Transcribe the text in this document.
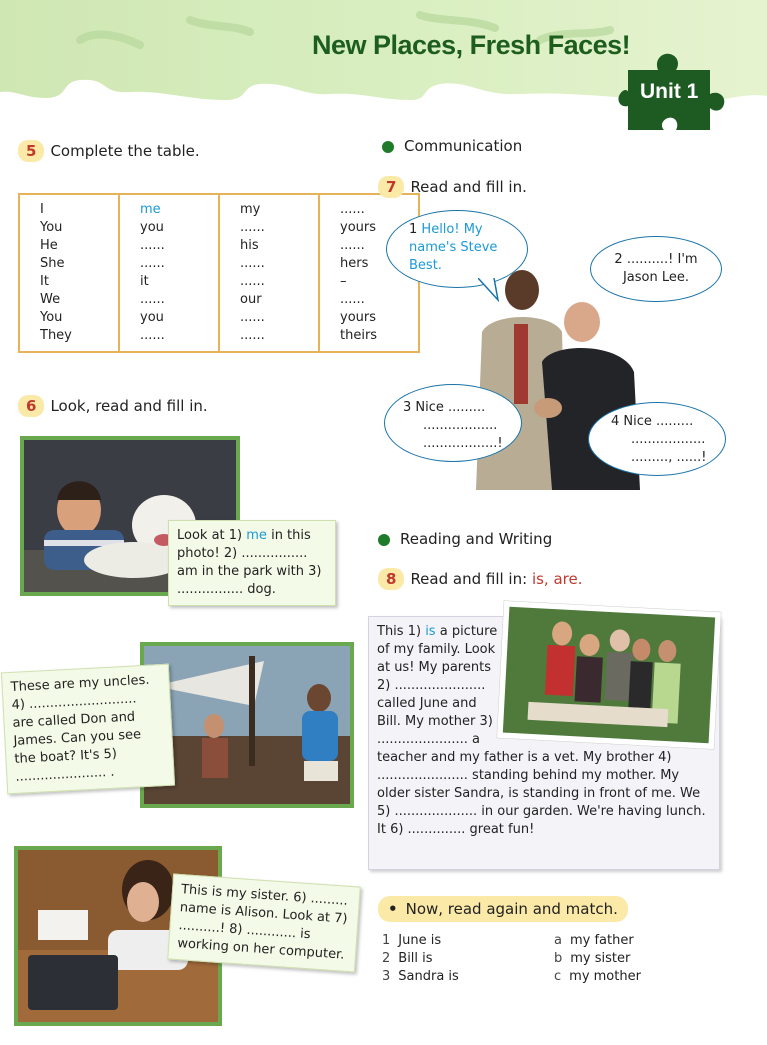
New Places, Fresh Faces!
Unit 1
5 Complete the table.
I	me	my	......
You	you	......	yours
He	......	his	......
She	......	......	hers
It	it	......	–
We	......	our	......
You	you	......	yours
They	......	......	theirs
6 Look, read and fill in.
Look at 1) me in this photo! 2) ................ am in the park with 3) ................ dog.
These are my uncles. 4) .......................... are called Don and James. Can you see the boat? It's 5) ...................... .
This is my sister. 6) ......... name is Alison. Look at 7) ..........! 8) ............ is working on her computer.
Communication
7 Read and fill in.
1 Hello! My name's Steve Best.	2 ..........! I'm Jason Lee.
3 Nice .........
..................
..................!
4 Nice .........
..................
........., ......!
Reading and Writing
8 Read and fill in: is, are.
This 1) is a picture of my family. Look at us! My parents 2) ...................... called June and Bill. My mother 3) ...................... a teacher and my father is a vet. My brother 4) ...................... standing behind my mother. My older sister Sandra, is standing in front of me. We 5) .................... in our garden. We're having lunch. It 6) .............. great fun!
• Now, read again and match.
1 June is	a my father
2 Bill is	b my sister
3 Sandra is	c my mother
